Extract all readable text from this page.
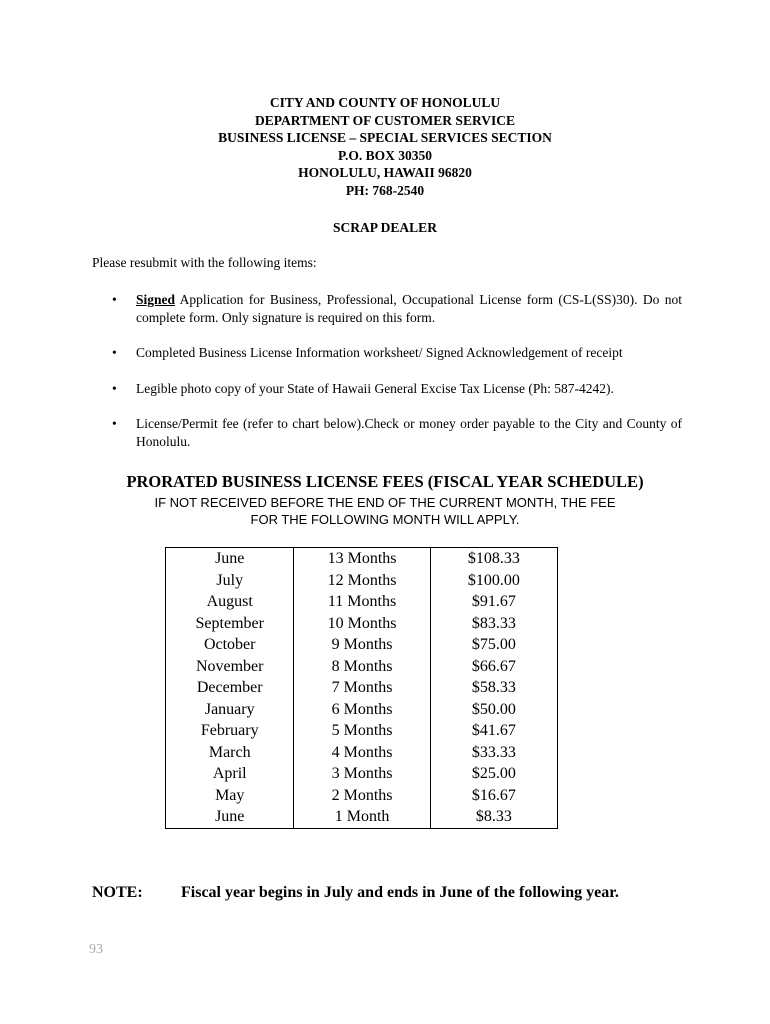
CITY AND COUNTY OF HONOLULU
DEPARTMENT OF CUSTOMER SERVICE
BUSINESS LICENSE – SPECIAL SERVICES SECTION
P.O. BOX 30350
HONOLULU, HAWAII 96820
PH: 768-2540
SCRAP DEALER
Please resubmit with the following items:
• Signed Application for Business, Professional, Occupational License form (CS-L(SS)30). Do not complete form. Only signature is required on this form.
• Completed Business License Information worksheet/ Signed Acknowledgement of receipt
• Legible photo copy of your State of Hawaii General Excise Tax License (Ph: 587-4242).
• License/Permit fee (refer to chart below).Check or money order payable to the City and County of Honolulu.
PRORATED BUSINESS LICENSE FEES (FISCAL YEAR SCHEDULE)
IF NOT RECEIVED BEFORE THE END OF THE CURRENT MONTH, THE FEE
FOR THE FOLLOWING MONTH WILL APPLY.
June	13 Months	$108.33
July	12 Months	$100.00
August	11 Months	$91.67
September	10 Months	$83.33
October	9 Months	$75.00
November	8 Months	$66.67
December	7 Months	$58.33
January	6 Months	$50.00
February	5 Months	$41.67
March	4 Months	$33.33
April	3 Months	$25.00
May	2 Months	$16.67
June	1 Month	$8.33
NOTE: Fiscal year begins in July and ends in June of the following year.
93
